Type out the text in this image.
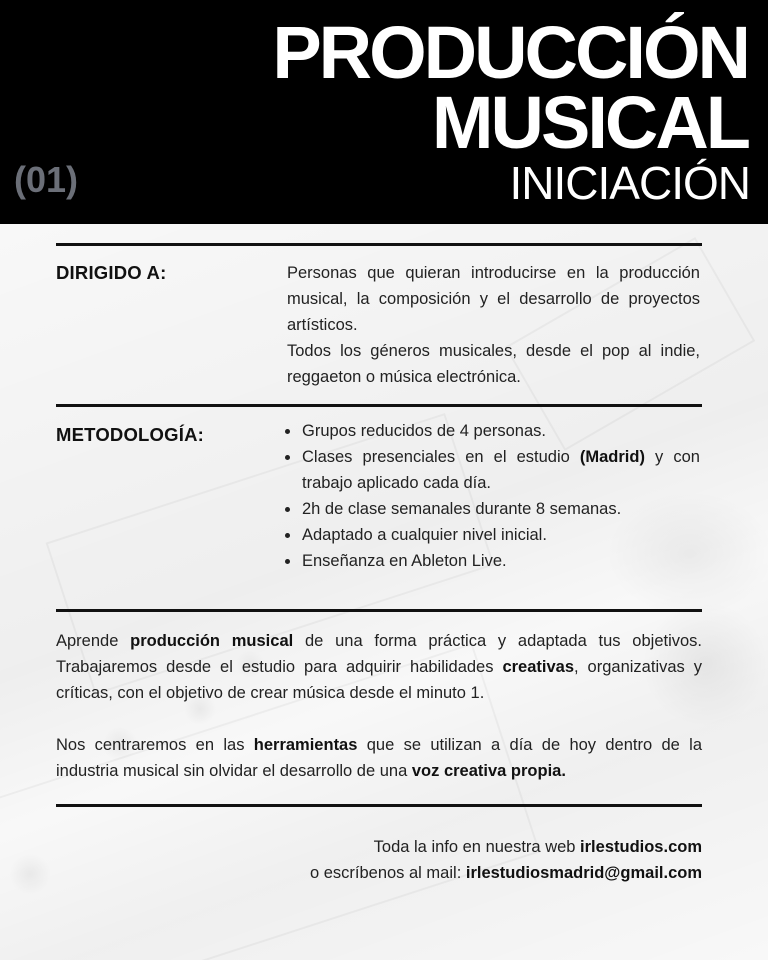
PRODUCCIÓN
MUSICAL
INICIACIÓN
(01)
DIRIGIDO A:	Personas que quieran introducirse en la producción musical, la composición y el desarrollo de proyectos artísticos.

Todos los géneros musicales, desde el pop al indie, reggaeton o música electrónica.

METODOLOGÍA:	Grupos reducidos de 4 personas.
Clases presenciales en el estudio (Madrid) y con trabajo aplicado cada día.
2h de clase semanales durante 8 semanas.
Adaptado a cualquier nivel inicial.
Enseñanza en Ableton Live.

Aprende producción musical de una forma práctica y adaptada tus objetivos. Trabajaremos desde el estudio para adquirir habilidades creativas, organizativas y críticas, con el objetivo de crear música desde el minuto 1.

Nos centraremos en las herramientas que se utilizan a día de hoy dentro de la industria musical sin olvidar el desarrollo de una voz creativa propia.

Toda la info en nuestra web irlestudios.com
o escríbenos al mail: irlestudiosmadrid@gmail.com
